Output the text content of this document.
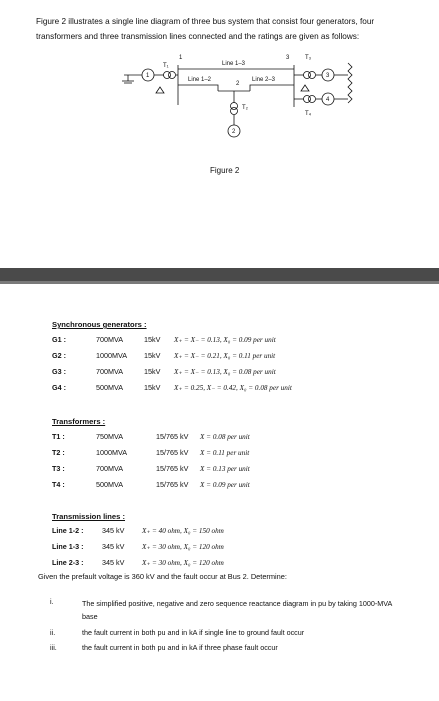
Figure 2 illustrates a single line diagram of three bus system that consist four generators, four transformers and three transmission lines connected and the ratings are given as follows:
1	3
2
Line 1–3
Line 1–2	Line 2–3
T₁
T₂
T₃
T₄
1
2
3
4
Figure 2
Synchronous generators :
G1 :	700MVA	15kV X₊ = X₋ = 0.13, X₀ = 0.09 per unit
G2 :	1000MVA 15kV X₊ = X₋ = 0.21, X₀ = 0.11 per unit
G3 :	700MVA	15kV X₊ = X₋ = 0.13, X₀ = 0.08 per unit
G4 :	500MVA	15kV X₊ = 0.25, X₋ = 0.42, X₀ = 0.08 per unit
Transformers :
T1 :	750MVA	15/765 kV X = 0.08 per unit
T2 :	1000MVA	15/765 kV X = 0.11 per unit
T3 :	700MVA	15/765 kV X = 0.13 per unit
T4 :	500MVA	15/765 kV X = 0.09 per unit
Transmission lines :
Line 1-2 :	345 kV X₊ = 40 ohm, X₀ = 150 ohm
Line 1-3 :	345 kV X₊ = 30 ohm, X₀ = 120 ohm
Line 2-3 :	345 kV X₊ = 30 ohm, X₀ = 120 ohm
Given the prefault voltage is 360 kV and the fault occur at Bus 2. Determine:
i.	The simplified positive, negative and zero sequence reactance diagram in pu by taking 1000-MVA base
ii.	the fault current in both pu and in kA if single line to ground fault occur
iii.	the fault current in both pu and in kA if three phase fault occur
